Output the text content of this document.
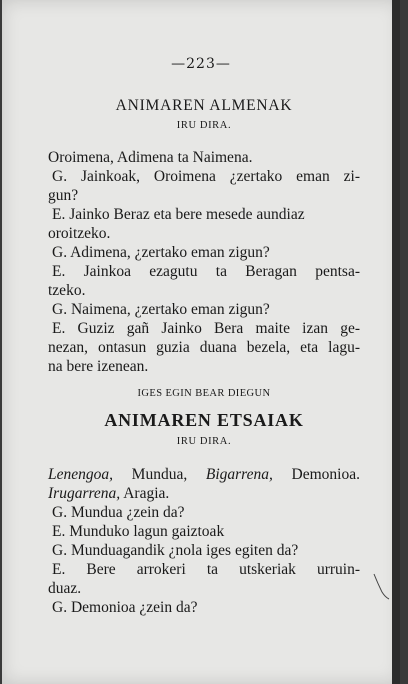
—223—
ANIMAREN ALMENAK
IRU DIRA.

Oroimena, Adimena ta Naimena.
G. Jainkoak, Oroimena ¿zertako eman zi-
gun?
E. Jainko Beraz eta bere mesede aundiaz
oroitzeko.
G. Adimena, ¿zertako eman zigun?
E. Jainkoa ezagutu ta Beragan pentsa-
tzeko.
G. Naimena, ¿zertako eman zigun?
E. Guziz gañ Jainko Bera maite izan ge-
nezan, ontasun guzia duana bezela, eta lagu-
na bere izenean.

IGES EGIN BEAR DIEGUN
ANIMAREN ETSAIAK
IRU DIRA.

Lenengoa, Mundua, Bigarrena, Demonioa.
Irugarrena, Aragia.

G. Mundua ¿zein da?
E. Munduko lagun gaiztoak
G. Munduagandik ¿nola iges egiten da?
E. Bere arrokeri ta utskeriak urruin-
duaz.
G. Demonioa ¿zein da?
